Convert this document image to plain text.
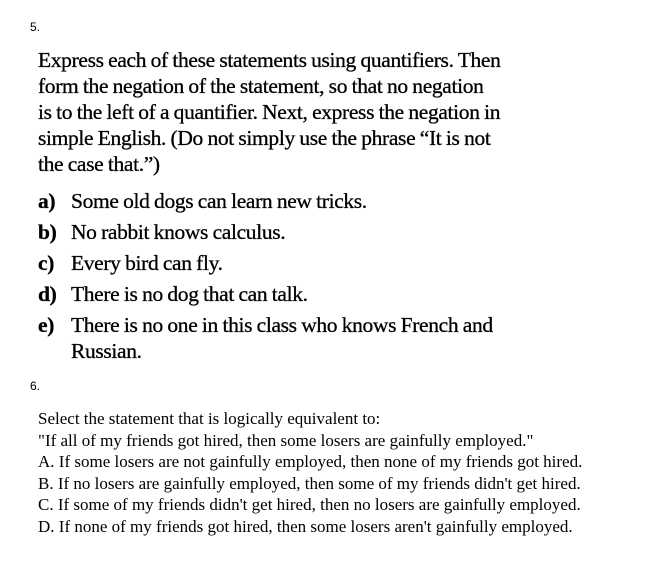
5.
Express each of these statements using quantifiers. Then
form the negation of the statement, so that no negation
is to the left of a quantifier. Next, express the negation in
simple English. (Do not simply use the phrase “It is not
the case that.”)
a) Some old dogs can learn new tricks.
b) No rabbit knows calculus.
c) Every bird can fly.
d) There is no dog that can talk.
e) There is no one in this class who knows French and
Russian.
6.
Select the statement that is logically equivalent to:
"If all of my friends got hired, then some losers are gainfully employed."
A. If some losers are not gainfully employed, then none of my friends got hired.
B. If no losers are gainfully employed, then some of my friends didn't get hired.
C. If some of my friends didn't get hired, then no losers are gainfully employed.
D. If none of my friends got hired, then some losers aren't gainfully employed.
